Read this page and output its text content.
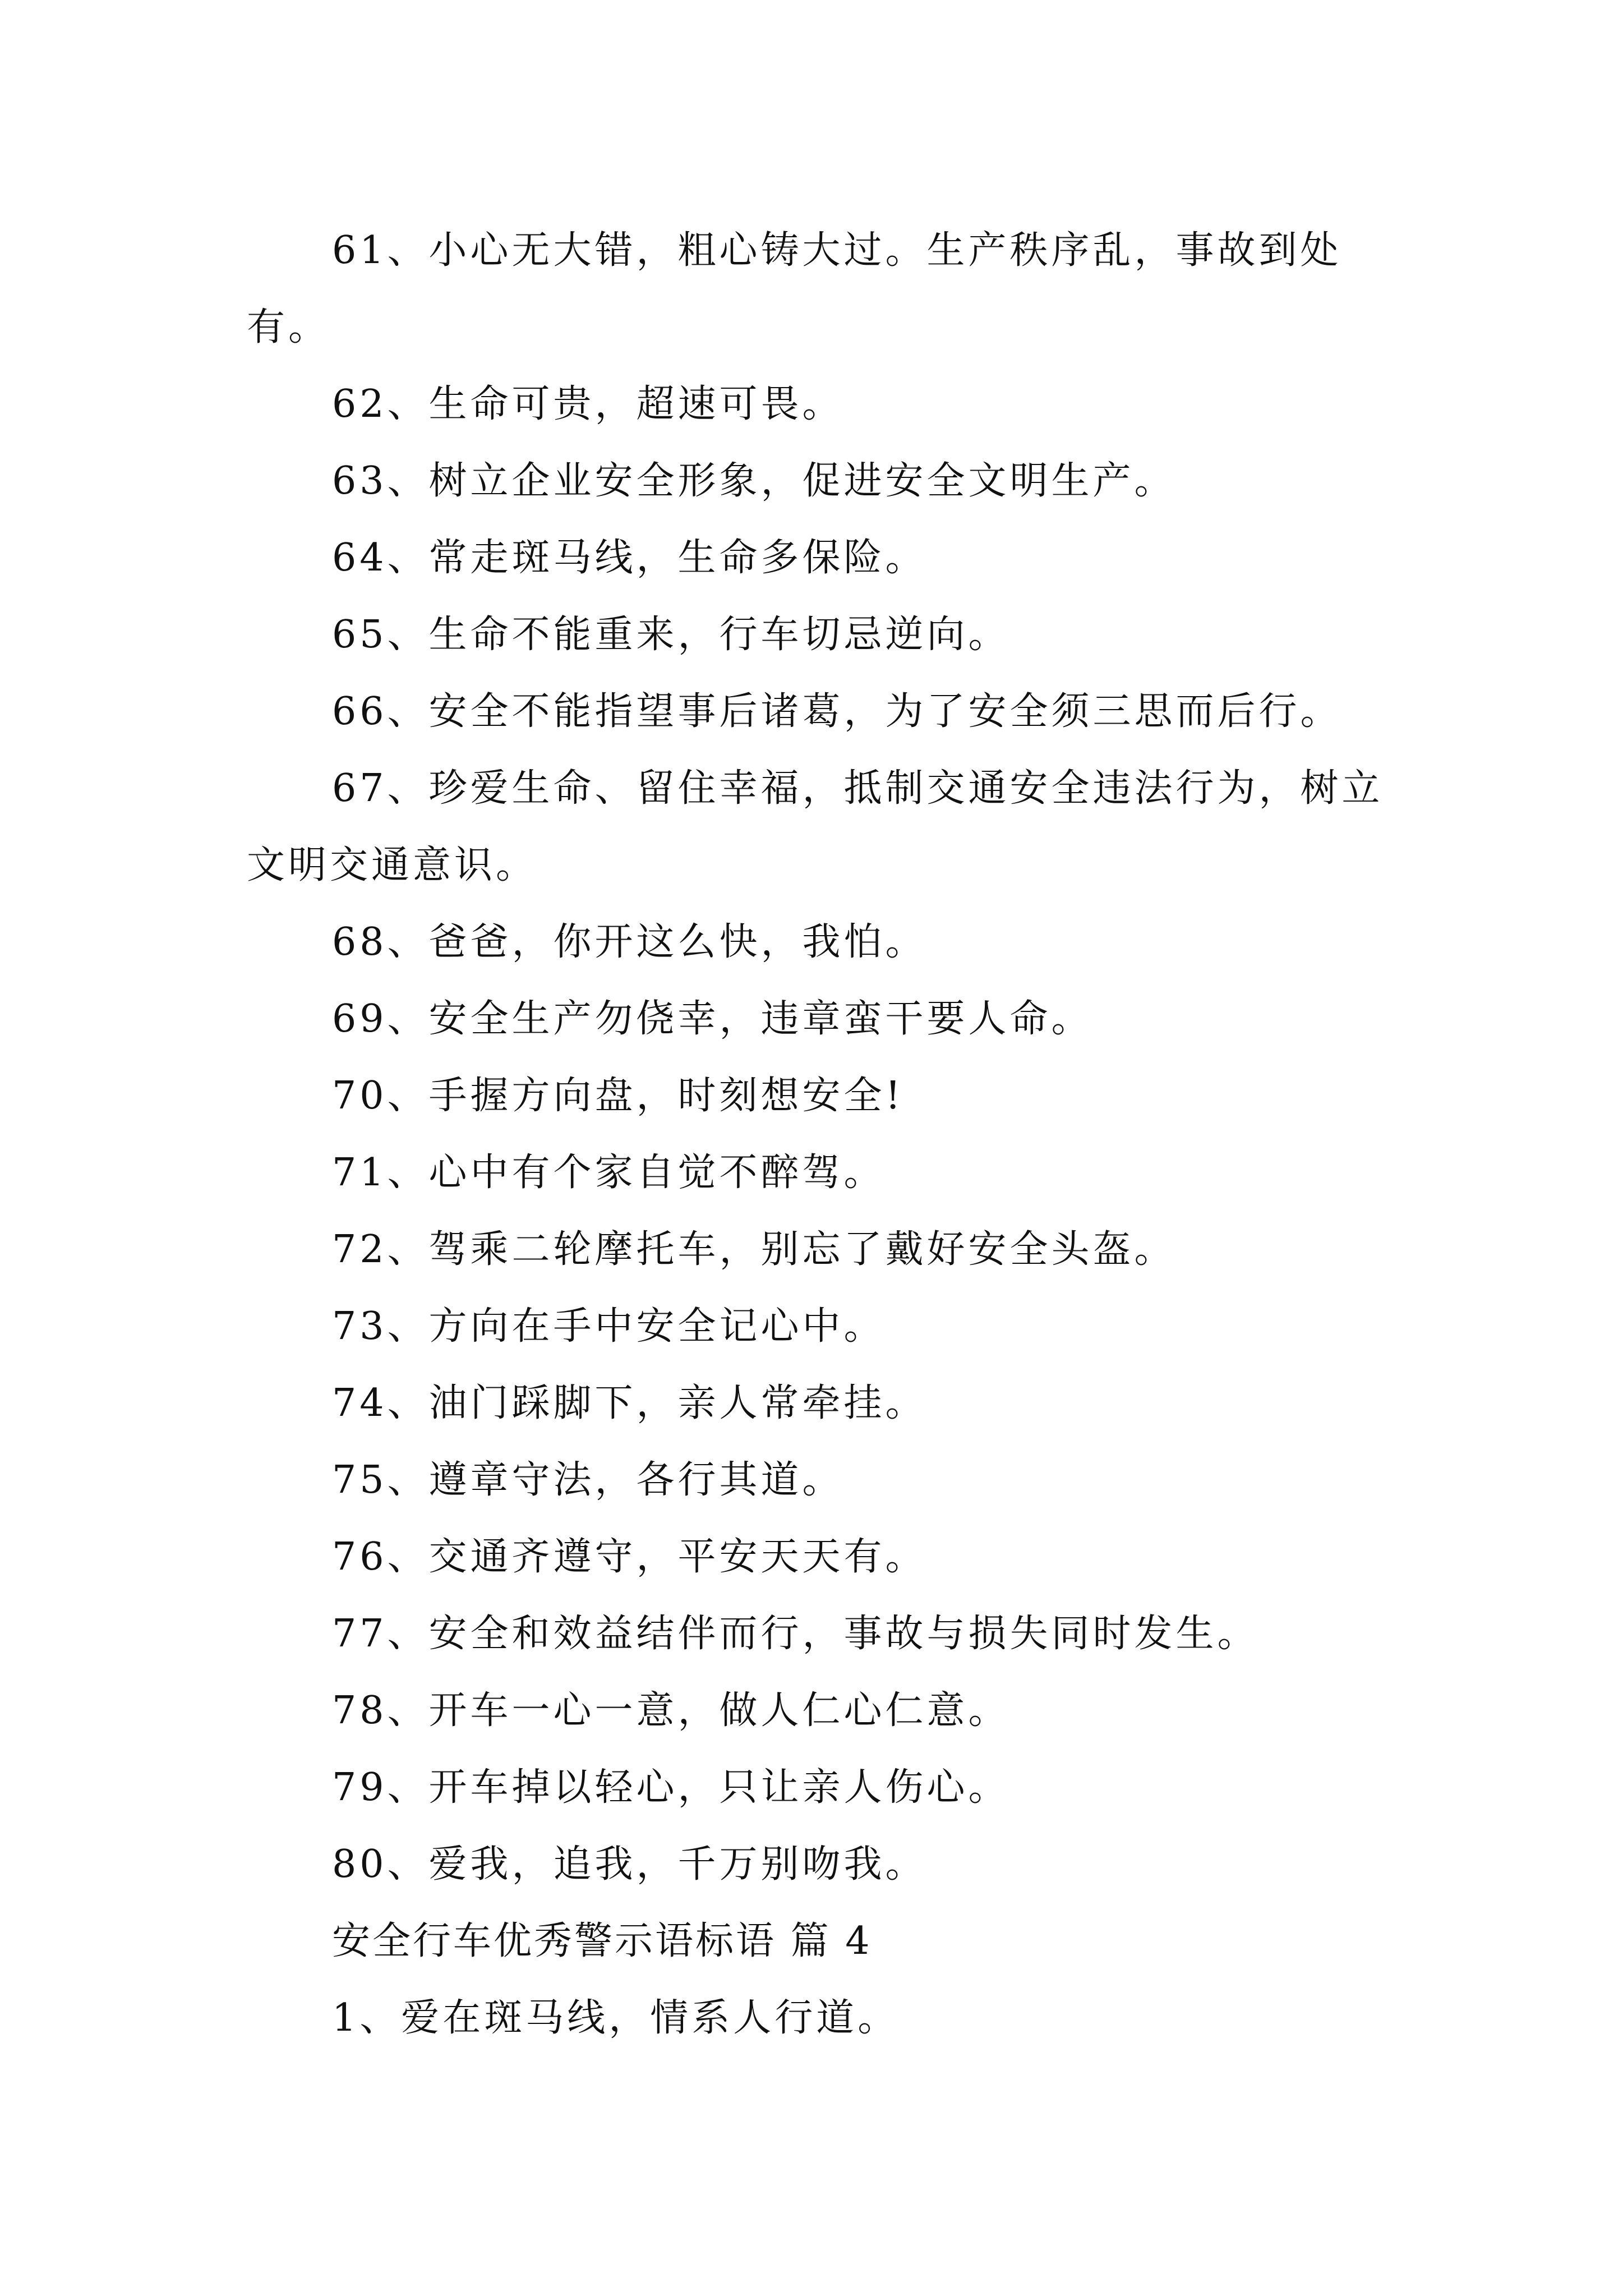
61、小心无大错，粗心铸大过。生产秩序乱，事故到处有。

62、生命可贵，超速可畏。

63、树立企业安全形象，促进安全文明生产。

64、常走斑马线，生命多保险。

65、生命不能重来，行车切忌逆向。

66、安全不能指望事后诸葛，为了安全须三思而后行。

67、珍爱生命、留住幸福，抵制交通安全违法行为，树立文明交通意识。

68、爸爸，你开这么快，我怕。

69、安全生产勿侥幸，违章蛮干要人命。

70、手握方向盘，时刻想安全!

71、心中有个家自觉不醉驾。

72、驾乘二轮摩托车，别忘了戴好安全头盔。

73、方向在手中安全记心中。

74、油门踩脚下，亲人常牵挂。

75、遵章守法，各行其道。

76、交通齐遵守，平安天天有。

77、安全和效益结伴而行，事故与损失同时发生。

78、开车一心一意，做人仁心仁意。

79、开车掉以轻心，只让亲人伤心。

80、爱我，追我，千万别吻我。

安全行车优秀警示语标语 篇 4

1、爱在斑马线，情系人行道。
